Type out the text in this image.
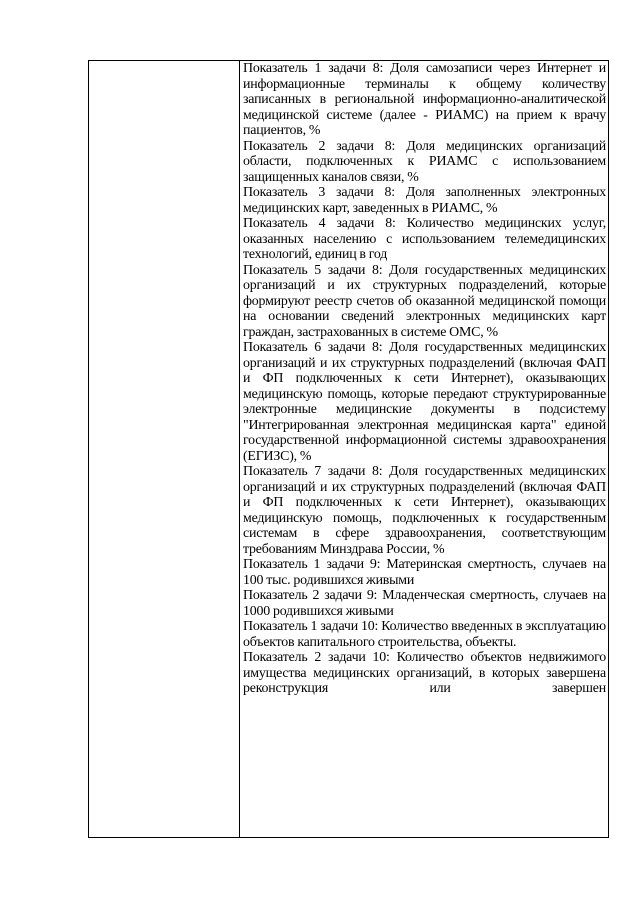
Показатель 1 задачи 8: Доля самозаписи через Интернет и информационные терминалы к общему количеству записанных в региональной информационно-аналитической медицинской системе (далее - РИАМС) на прием к врачу пациентов, %

Показатель 2 задачи 8: Доля медицинских организаций области, подключенных к РИАМС с использованием защищенных каналов связи, %

Показатель 3 задачи 8: Доля заполненных электронных медицинских карт, заведенных в РИАМС, %

Показатель 4 задачи 8: Количество медицинских услуг, оказанных населению с использованием телемедицинских технологий, единиц в год

Показатель 5 задачи 8: Доля государственных медицинских организаций и их структурных подразделений, которые формируют реестр счетов об оказанной медицинской помощи на основании сведений электронных медицинских карт граждан, застрахованных в системе ОМС, %

Показатель 6 задачи 8: Доля государственных медицинских организаций и их структурных подразделений (включая ФАП и ФП подключенных к сети Интернет), оказывающих медицинскую помощь, которые передают структурированные электронные медицинские документы в подсистему "Интегрированная электронная медицинская карта" единой государственной информационной системы здравоохранения (ЕГИЗС), %

Показатель 7 задачи 8: Доля государственных медицинских организаций и их структурных подразделений (включая ФАП и ФП подключенных к сети Интернет), оказывающих медицинскую помощь, подключенных к государственным системам в сфере здравоохранения, соответствующим требованиям Минздрава России, %

Показатель 1 задачи 9: Материнская смертность, случаев на 100 тыс. родившихся живыми

Показатель 2 задачи 9: Младенческая смертность, случаев на 1000 родившихся живыми

Показатель 1 задачи 10: Количество введенных в эксплуатацию объектов капитального строительства, объекты.

Показатель 2 задачи 10: Количество объектов недвижимого имущества медицинских организаций, в которых завершена реконструкция или завершен
